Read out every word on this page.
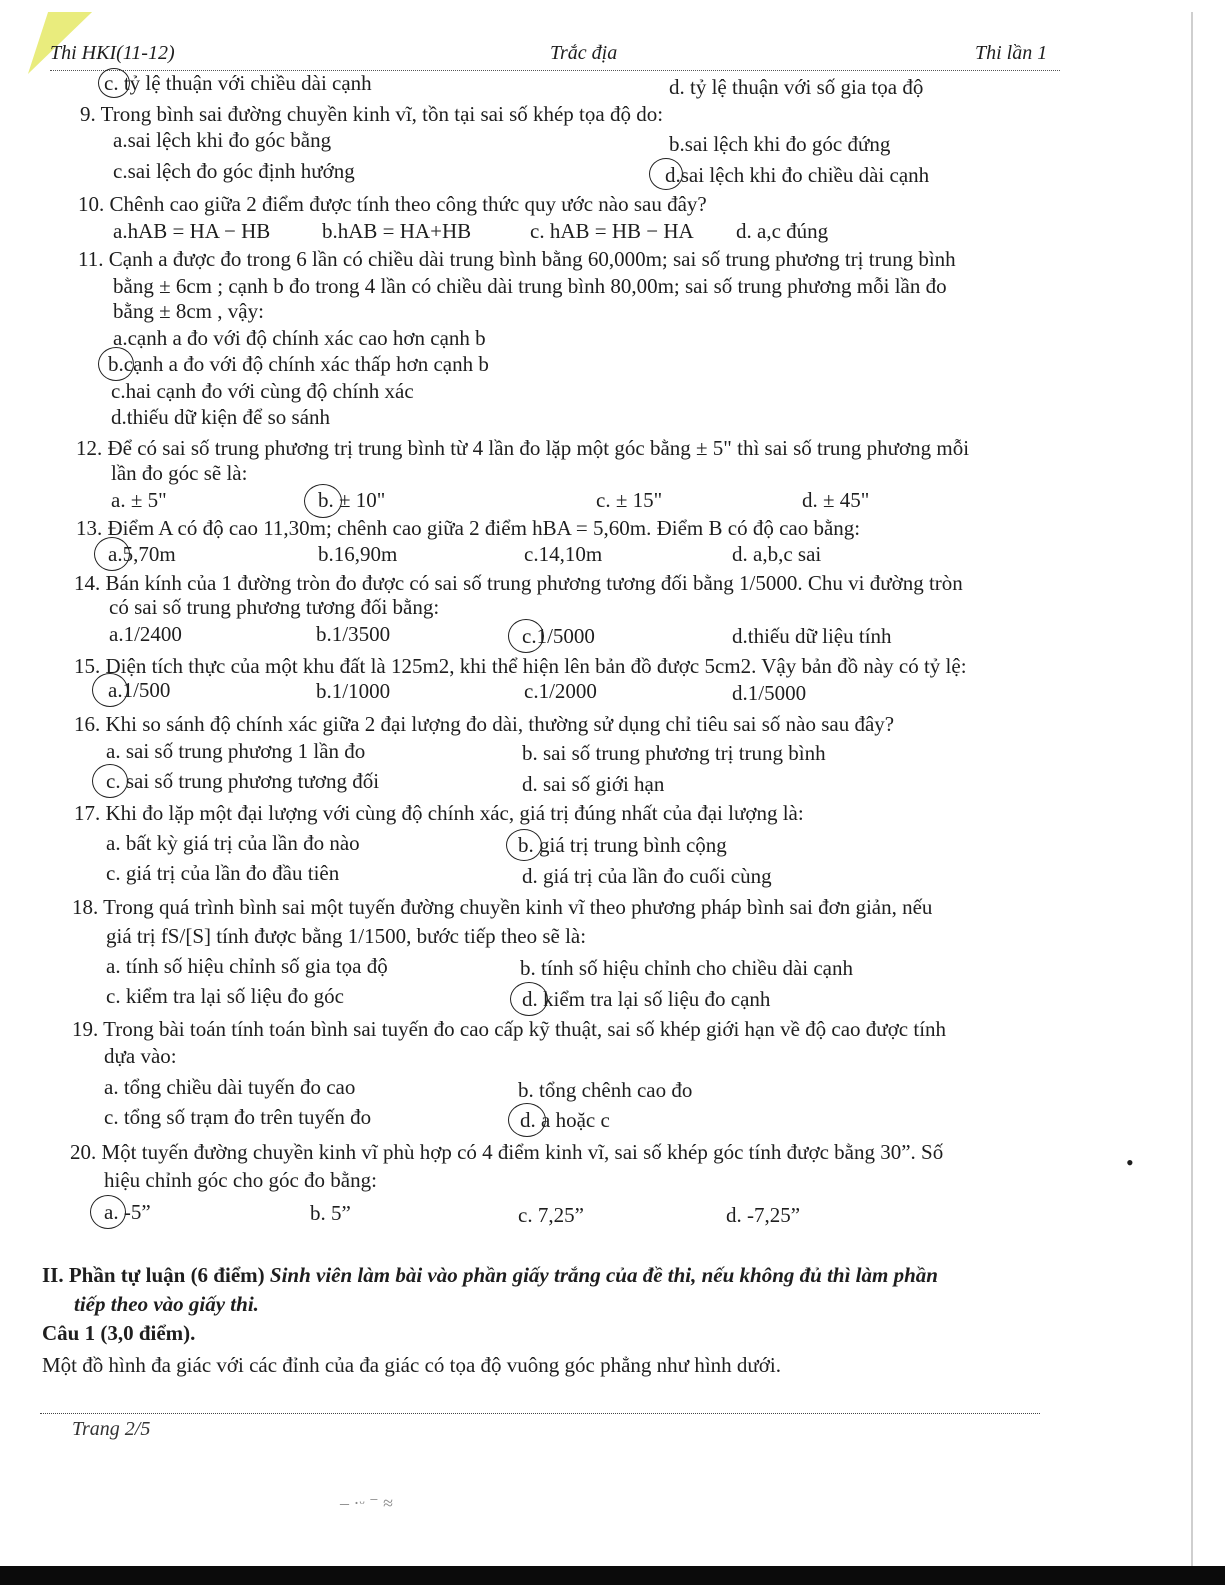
Thi HKI(11-12)	Trắc địa	Thi lần 1
c. tỷ lệ thuận với chiều dài cạnh	d. tỷ lệ thuận với số gia tọa độ
9. Trong bình sai đường chuyền kinh vĩ, tồn tại sai số khép tọa độ do:
a.sai lệch khi đo góc bằng	b.sai lệch khi đo góc đứng
c.sai lệch đo góc định hướng	d.sai lệch khi đo chiều dài cạnh
10. Chênh cao giữa 2 điểm được tính theo công thức quy ước nào sau đây?
a.hAB = HA − HB b.hAB = HA+HB	c. hAB = HB − HA d. a,c đúng
11. Cạnh a được đo trong 6 lần có chiều dài trung bình bằng 60,000m; sai số trung phương trị trung bình
bằng ± 6cm ; cạnh b đo trong 4 lần có chiều dài trung bình 80,00m; sai số trung phương mỗi lần đo
bằng ± 8cm , vậy:
a.cạnh a đo với độ chính xác cao hơn cạnh b
b.cạnh a đo với độ chính xác thấp hơn cạnh b
c.hai cạnh đo với cùng độ chính xác
d.thiếu dữ kiện để so sánh
12. Để có sai số trung phương trị trung bình từ 4 lần đo lặp một góc bằng ± 5" thì sai số trung phương mỗi
lần đo góc sẽ là:
a. ± 5"	b. ± 10"	c. ± 15"	d. ± 45"
13. Điểm A có độ cao 11,30m; chênh cao giữa 2 điểm hBA = 5,60m. Điểm B có độ cao bằng:
a.5,70m	b.16,90m	c.14,10m	d. a,b,c sai
14. Bán kính của 1 đường tròn đo được có sai số trung phương tương đối bằng 1/5000. Chu vi đường tròn
có sai số trung phương tương đối bằng:
a.1/2400	b.1/3500	c.1/5000	d.thiếu dữ liệu tính
15. Diện tích thực của một khu đất là 125m2, khi thể hiện lên bản đồ được 5cm2. Vậy bản đồ này có tỷ lệ:
a.1/500	b.1/1000	c.1/2000	d.1/5000
16. Khi so sánh độ chính xác giữa 2 đại lượng đo dài, thường sử dụng chỉ tiêu sai số nào sau đây?
a. sai số trung phương 1 lần đo	b. sai số trung phương trị trung bình
c. sai số trung phương tương đối	d. sai số giới hạn
17. Khi đo lặp một đại lượng với cùng độ chính xác, giá trị đúng nhất của đại lượng là:
a. bất kỳ giá trị của lần đo nào	b. giá trị trung bình cộng
c. giá trị của lần đo đầu tiên	d. giá trị của lần đo cuối cùng
18. Trong quá trình bình sai một tuyến đường chuyền kinh vĩ theo phương pháp bình sai đơn giản, nếu
giá trị fS/[S] tính được bằng 1/1500, bước tiếp theo sẽ là:
a. tính số hiệu chỉnh số gia tọa độ	b. tính số hiệu chỉnh cho chiều dài cạnh
c. kiểm tra lại số liệu đo góc	d. kiểm tra lại số liệu đo cạnh
19. Trong bài toán tính toán bình sai tuyến đo cao cấp kỹ thuật, sai số khép giới hạn về độ cao được tính
dựa vào:
a. tổng chiều dài tuyến đo cao	b. tổng chênh cao đo
c. tổng số trạm đo trên tuyến đo	d. a hoặc c
20. Một tuyến đường chuyền kinh vĩ phù hợp có 4 điểm kinh vĩ, sai số khép góc tính được bằng 30”. Số
hiệu chỉnh góc cho góc đo bằng:
a. -5”	b. 5”	c. 7,25”	d. -7,25”
II. Phần tự luận (6 điểm) Sinh viên làm bài vào phần giấy trắng của đề thi, nếu không đủ thì làm phần
tiếp theo vào giấy thi.
Câu 1 (3,0 điểm).
Một đồ hình đa giác với các đỉnh của đa giác có tọa độ vuông góc phẳng như hình dưới.
Trang 2/5
– ·ᵕ ⁻ ≈
•
